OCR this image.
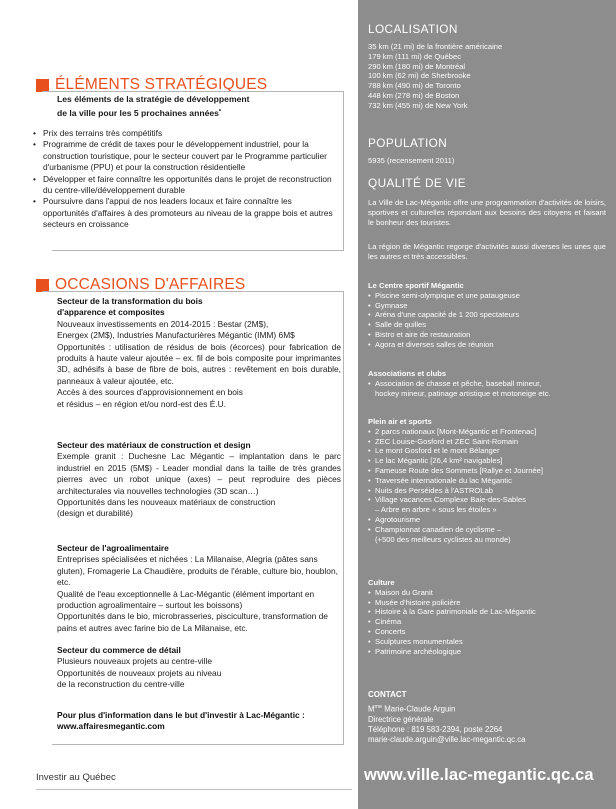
ÉLÉMENTS STRATÉGIQUES
Les éléments de la stratégie de développement
de la ville pour les 5 prochaines années•
• Prix des terrains très compétitifs
• Programme de crédit de taxes pour le développement industriel, pour la construction touristique, pour le secteur couvert par le Programme particulier d'urbanisme (PPU) et pour la construction résidentielle
• Développer et faire connaître les opportunités dans le projet de reconstruction du centre-ville/développement durable
• Poursuivre dans l'appui de nos leaders locaux et faire connaître les opportunités d'affaires à des promoteurs au niveau de la grappe bois et autres secteurs en croissance
OCCASIONS D'AFFAIRES
Secteur de la transformation du bois
d'apparence et composites

Nouveaux investissements en 2014-2015 : Bestar (2M$),

Energex (2M$), Industries Manufacturières Mégantic (IMM) 6M$

Opportunités : utilisation de résidus de bois (écorces) pour fabrication de produits à haute valeur ajoutée – ex. fil de bois composite pour imprimantes 3D, adhésifs à base de fibre de bois, autres : revêtement en bois durable, panneaux à valeur ajoutée, etc.

Accès à des sources d'approvisionnement en bois

et résidus – en région et/ou nord-est des É.U.

Secteur des matériaux de construction et design

Exemple granit : Duchesne Lac Mégantic – implantation dans le parc industriel en 2015 (5M$) - Leader mondial dans la taille de très grandes pierres avec un robot unique (axes) – peut reproduire des pièces architecturales via nouvelles technologies (3D scan…)

Opportunités dans les nouveaux matériaux de construction

(design et durabilité)

Secteur de l'agroalimentaire

Entreprises spécialisées et nichées : La Milanaise, Alegria (pâtes sans gluten), Fromagerie La Chaudière, produits de l'érable, culture bio, houblon, etc.

Qualité de l'eau exceptionnelle à Lac-Mégantic (élément important en production agroalimentaire – surtout les boissons)

Opportunités dans le bio, microbrasseries, pisciculture, transformation de pains et autres avec farine bio de La Milanaise, etc.

Secteur du commerce de détail

Plusieurs nouveaux projets au centre-ville

Opportunités de nouveaux projets au niveau

de la reconstruction du centre-ville

Pour plus d'information dans le but d'investir à Lac-Mégantic :
www.affairesmegantic.com
Investir au Québec
LOCALISATION
35 km (21 mi) de la frontière américaine
179 km (111 mi) de Québec
290 km (180 mi) de Montréal
100 km (62 mi) de Sherbrooke
788 km (490 mi) de Toronto
448 km (278 mi) de Boston
732 km (455 mi) de New York
POPULATION
5935 (recensement 2011)
QUALITÉ DE VIE
La Ville de Lac-Mégantic offre une programmation d'activités de loisirs, sportives et culturelles répondant aux besoins des citoyens et faisant le bonheur des touristes.
La région de Mégantic regorge d'activités aussi diverses les unes que les autres et très accessibles.
Le Centre sportif Mégantic
• Piscine semi-olympique et une pataugeuse
• Gymnase
• Aréna d'une capacité de 1 200 spectateurs
• Salle de quilles
• Bistro et aire de restauration
• Agora et diverses salles de réunion
Associations et clubs
• Association de chasse et pêche, baseball mineur,
hockey mineur, patinage artistique et motoneige etc.
Plein air et sports
• 2 parcs nationaux [Mont-Mégantic et Frontenac]
• ZEC Louise-Gosford et ZEC Saint-Romain
• Le mont Gosford et le mont Bélanger
• Le lac Mégantic [26,4 km² navigables]
• Fameuse Route des Sommets [Rallye et Journée]
• Traversée internationale du lac Mégantic
• Nuits des Perséides à l'ASTROLab
• Village vacances Complexe Baie-des-Sables
– Arbre en arbre « sous les étoiles »
• Agrotourisme
• Championnat canadien de cyclisme –
(+500 des meilleurs cyclistes au monde)
Culture
• Maison du Granit
• Musée d'histoire policière
• Histoire à la Gare patrimoniale de Lac-Mégantic
• Cinéma
• Concerts
• Sculptures monumentales
• Patrimoine archéologique
CONTACT
$M^{me}$ Marie-Claude Arguin
Directrice générale
Téléphone : 819 583-2394, poste 2264
marie-claude.arguin@ville.lac-megantic.qc.ca
www.ville.lac-megantic.qc.ca
